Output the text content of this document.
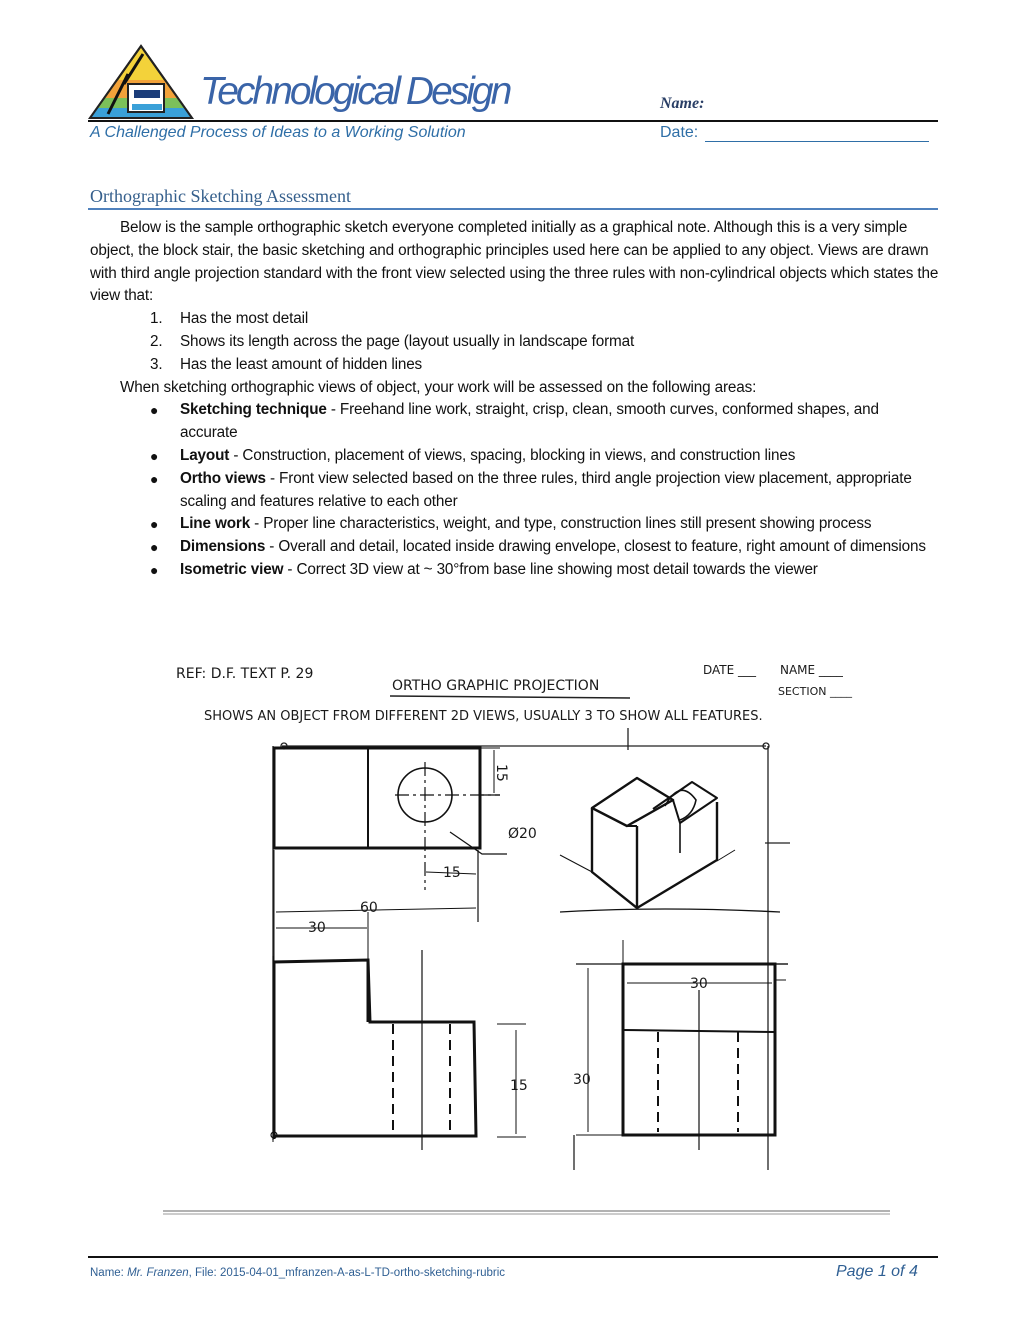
Technological Design
A Challenged Process of Ideas to a Working Solution
Name:
Date:
Orthographic Sketching Assessment

Below is the sample orthographic sketch everyone completed initially as a graphical note. Although this is a very simple object, the block stair, the basic sketching and orthographic principles used here can be applied to any object. Views are drawn with third angle projection standard with the front view selected using the three rules with non-cylindrical objects which states the view that:

1. Has the most detail
2. Shows its length across the page (layout usually in landscape format
3. Has the least amount of hidden lines

When sketching orthographic views of object, your work will be assessed on the following areas:

● Sketching technique - Freehand line work, straight, crisp, clean, smooth curves, conformed shapes, and accurate
● Layout - Construction, placement of views, spacing, blocking in views, and construction lines
● Ortho views - Front view selected based on the three rules, third angle projection view placement, appropriate scaling and features relative to each other
● Line work - Proper line characteristics, weight, and type, construction lines still present showing process
● Dimensions - Overall and detail, located inside drawing envelope, closest to feature, right amount of dimensions
● Isometric view - Correct 3D view at ~ 30°from base line showing most detail towards the viewer
REF: D.F. TEXT P. 29
ORTHO GRAPHIC PROJECTION
DATE ___ NAME ____
SECTION ____
SHOWS AN OBJECT FROM DIFFERENT 2D VIEWS, USUALLY 3 TO SHOW ALL FEATURES.
15
Ø20
15
60
30
15
30
30
Name: Mr. Franzen, File: 2015-04-01_mfranzen-A-as-L-TD-ortho-sketching-rubric	Page 1 of 4
